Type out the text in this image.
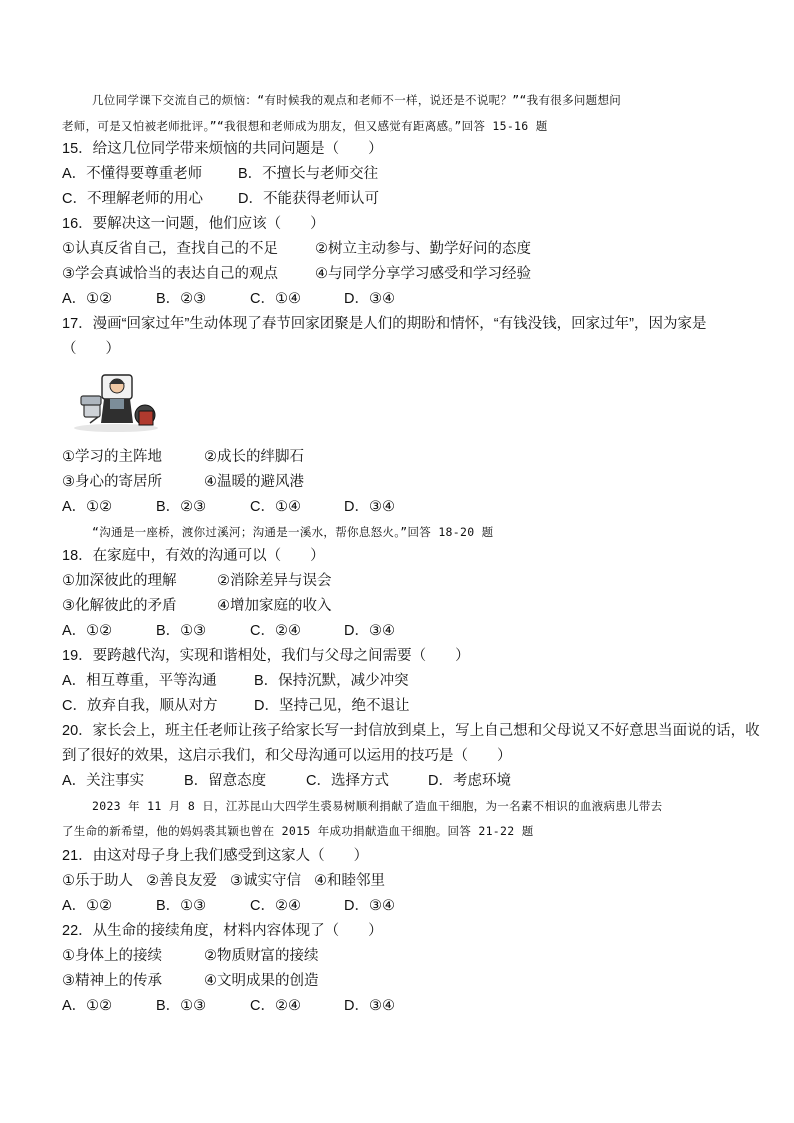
几位同学课下交流自己的烦恼：“有时候我的观点和老师不一样，说还是不说呢？”“我有很多问题想问
老师，可是又怕被老师批评。”“我很想和老师成为朋友，但又感觉有距离感。”回答 15-16 题
15．给这几位同学带来烦恼的共同问题是（　　）
A．不懂得要尊重老师 B．不擅长与老师交往
C．不理解老师的用心 D．不能获得老师认可
16．要解决这一问题，他们应该（　　）
①认真反省自己，查找自己的不足	②树立主动参与、勤学好问的态度
③学会真诚恰当的表达自己的观点	④与同学分享学习感受和学习经验
A．①②	B．②③	C．①④	D．③④
17．漫画“回家过年”生动体现了春节回家团聚是人们的期盼和情怀，“有钱没钱，回家过年”，因为家是
（　　）
①学习的主阵地	②成长的绊脚石
③身心的寄居所	④温暖的避风港
A．①②	B．②③	C．①④	D．③④
“沟通是一座桥，渡你过溪河；沟通是一溪水，帮你息怒火。”回答 18-20 题
18．在家庭中，有效的沟通可以（　　）
①加深彼此的理解	②消除差异与误会
③化解彼此的矛盾	④增加家庭的收入
A．①②	B．①③	C．②④	D．③④
19．要跨越代沟，实现和谐相处，我们与父母之间需要（　　）
A．相互尊重，平等沟通	B．保持沉默，减少冲突
C．放弃自我，顺从对方	D．坚持己见，绝不退让
20．家长会上，班主任老师让孩子给家长写一封信放到桌上，写上自己想和父母说又不好意思当面说的话，收
到了很好的效果，这启示我们，和父母沟通可以运用的技巧是（　　）
A．关注事实	B．留意态度	C．选择方式	D．考虑环境
2023 年 11 月 8 日，江苏昆山大四学生裘易树顺利捐献了造血干细胞，为一名素不相识的血液病患儿带去
了生命的新希望，他的妈妈裘其颖也曾在 2015 年成功捐献造血干细胞。回答 21-22 题
21．由这对母子身上我们感受到这家人（　　）
①乐于助人 ②善良友爱 ③诚实守信 ④和睦邻里
A．①②	B．①③	C．②④	D．③④
22．从生命的接续角度，材料内容体现了（　　）
①身体上的接续	②物质财富的接续
③精神上的传承	④文明成果的创造
A．①②	B．①③	C．②④	D．③④
